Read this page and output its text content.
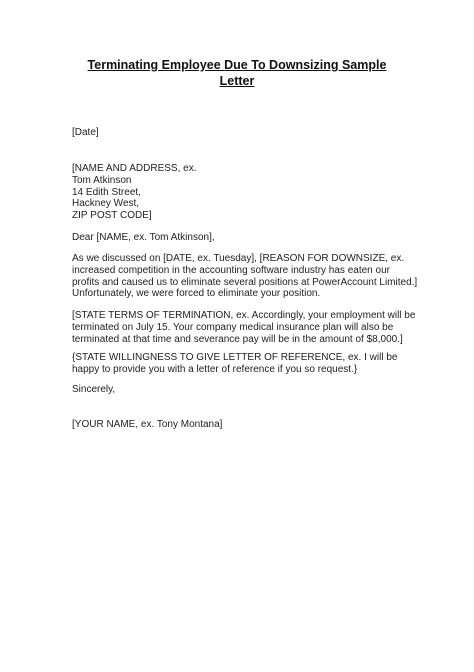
Terminating Employee Due To Downsizing Sample
Letter
[Date]
[NAME AND ADDRESS, ex.
Tom Atkinson
14 Edith Street,
Hackney West,
ZIP POST CODE]
Dear [NAME, ex. Tom Atkinson],
As we discussed on [DATE, ex. Tuesday], [REASON FOR DOWNSIZE, ex.
increased competition in the accounting software industry has eaten our
profits and caused us to eliminate several positions at PowerAccount Limited.]
Unfortunately, we were forced to eliminate your position.
[STATE TERMS OF TERMINATION, ex. Accordingly, your employment will be
terminated on July 15. Your company medical insurance plan will also be
terminated at that time and severance pay will be in the amount of $8,000.]
{STATE WILLINGNESS TO GIVE LETTER OF REFERENCE, ex. I will be
happy to provide you with a letter of reference if you so request.}
Sincerely,
[YOUR NAME, ex. Tony Montana]
